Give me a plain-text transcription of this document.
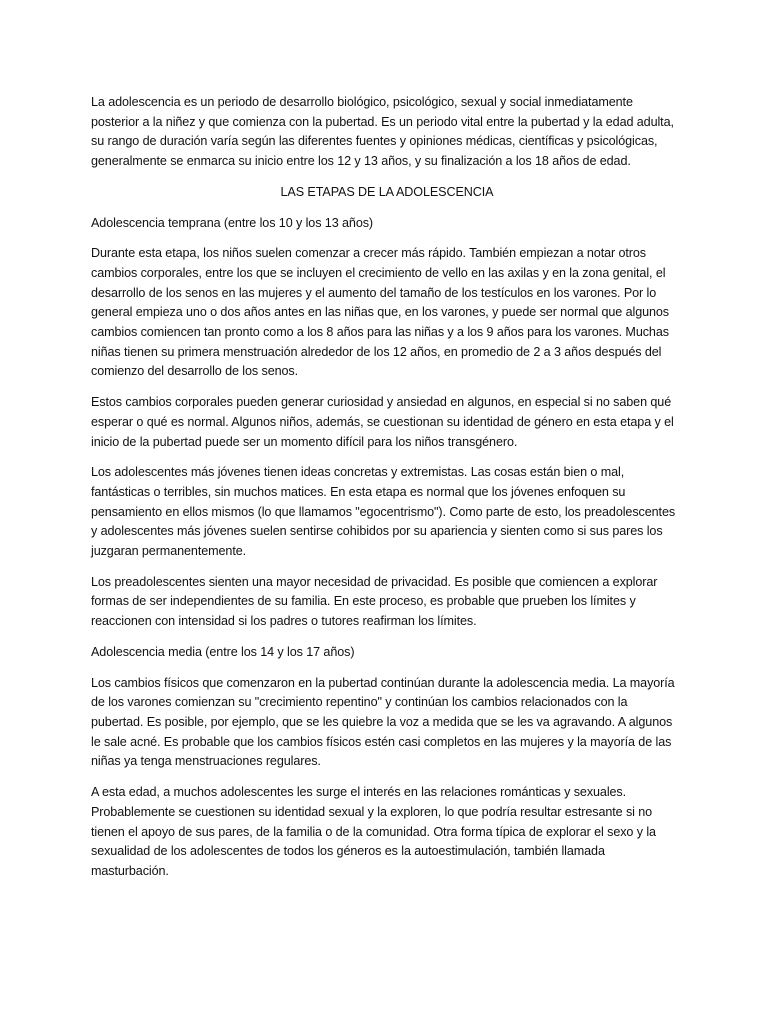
La adolescencia es un periodo de desarrollo biológico, psicológico, sexual y social inmediatamente posterior a la niñez y que comienza con la pubertad. Es un periodo vital entre la pubertad y la edad adulta, su rango de duración varía según las diferentes fuentes y opiniones médicas, científicas y psicológicas, generalmente se enmarca su inicio entre los 12 y 13 años, y su finalización a los 18 años de edad.

LAS ETAPAS DE LA ADOLESCENCIA

Adolescencia temprana (entre los 10 y los 13 años)

Durante esta etapa, los niños suelen comenzar a crecer más rápido. También empiezan a notar otros cambios corporales, entre los que se incluyen el crecimiento de vello en las axilas y en la zona genital, el desarrollo de los senos en las mujeres y el aumento del tamaño de los testículos en los varones. Por lo general empieza uno o dos años antes en las niñas que, en los varones, y puede ser normal que algunos cambios comiencen tan pronto como a los 8 años para las niñas y a los 9 años para los varones. Muchas niñas tienen su primera menstruación alrededor de los 12 años, en promedio de 2 a 3 años después del comienzo del desarrollo de los senos.

Estos cambios corporales pueden generar curiosidad y ansiedad en algunos, en especial si no saben qué esperar o qué es normal. Algunos niños, además, se cuestionan su identidad de género en esta etapa y el inicio de la pubertad puede ser un momento difícil para los niños transgénero.

Los adolescentes más jóvenes tienen ideas concretas y extremistas. Las cosas están bien o mal, fantásticas o terribles, sin muchos matices. En esta etapa es normal que los jóvenes enfoquen su pensamiento en ellos mismos (lo que llamamos "egocentrismo"). Como parte de esto, los preadolescentes y adolescentes más jóvenes suelen sentirse cohibidos por su apariencia y sienten como si sus pares los juzgaran permanentemente.

Los preadolescentes sienten una mayor necesidad de privacidad. Es posible que comiencen a explorar formas de ser independientes de su familia. En este proceso, es probable que prueben los límites y reaccionen con intensidad si los padres o tutores reafirman los límites.

Adolescencia media (entre los 14 y los 17 años)

Los cambios físicos que comenzaron en la pubertad continúan durante la adolescencia media. La mayoría de los varones comienzan su "crecimiento repentino" y continúan los cambios relacionados con la pubertad. Es posible, por ejemplo, que se les quiebre la voz a medida que se les va agravando. A algunos le sale acné. Es probable que los cambios físicos estén casi completos en las mujeres y la mayoría de las niñas ya tenga menstruaciones regulares.

A esta edad, a muchos adolescentes les surge el interés en las relaciones románticas y sexuales. Probablemente se cuestionen su identidad sexual y la exploren, lo que podría resultar estresante si no tienen el apoyo de sus pares, de la familia o de la comunidad. Otra forma típica de explorar el sexo y la sexualidad de los adolescentes de todos los géneros es la autoestimulación, también llamada masturbación.
